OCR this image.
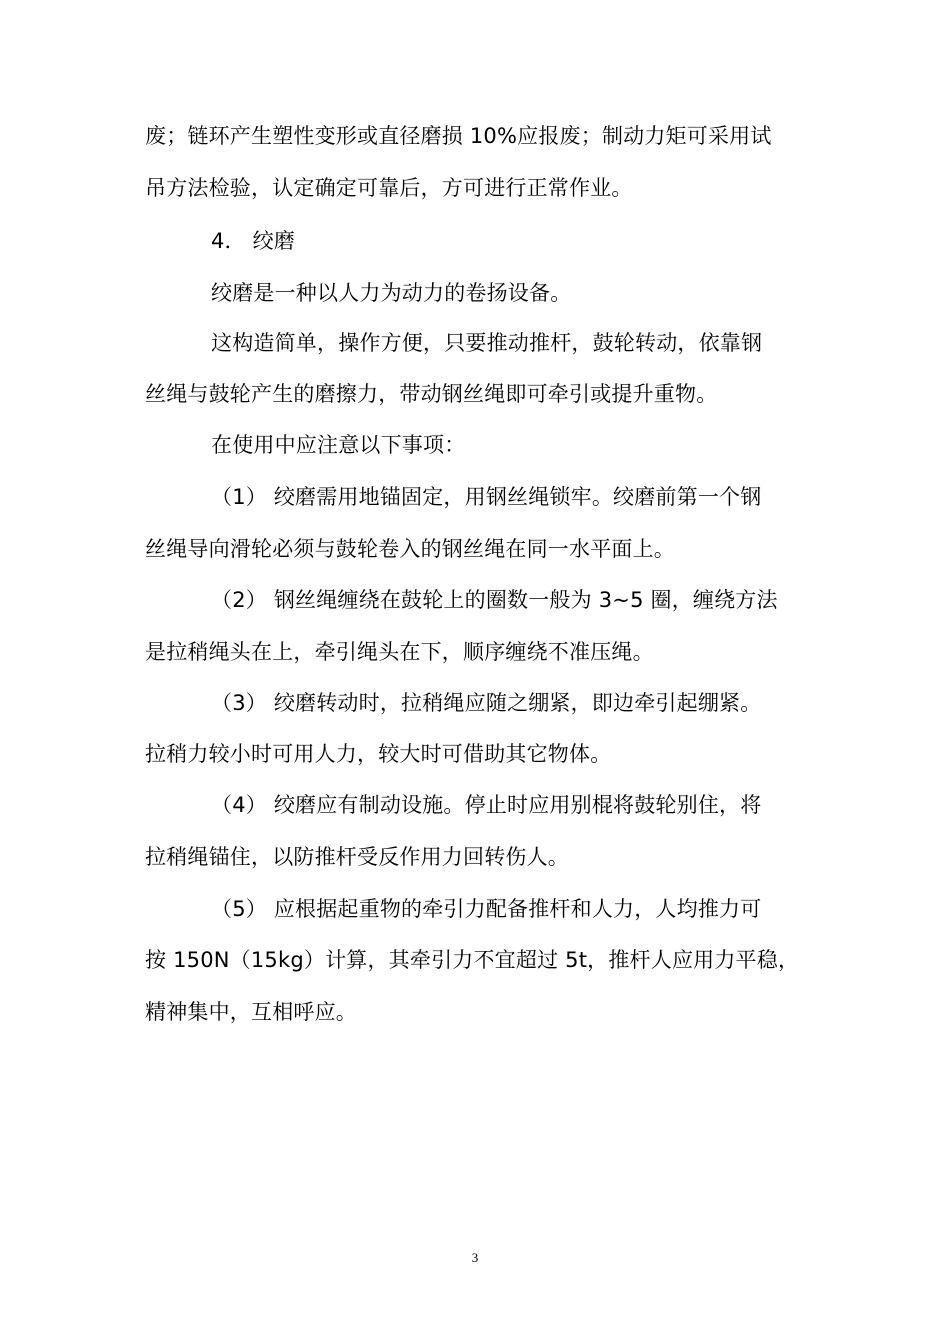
废；链环产生塑性变形或直径磨损 10%应报废；制动力矩可采用试
吊方法检验，认定确定可靠后，方可进行正常作业。
4． 绞磨
绞磨是一种以人力为动力的卷扬设备。
这构造简单，操作方便，只要推动推杆，鼓轮转动，依靠钢
丝绳与鼓轮产生的磨擦力，带动钢丝绳即可牵引或提升重物。
在使用中应注意以下事项：
（1） 绞磨需用地锚固定，用钢丝绳锁牢。绞磨前第一个钢
丝绳导向滑轮必须与鼓轮卷入的钢丝绳在同一水平面上。
（2） 钢丝绳缠绕在鼓轮上的圈数一般为 3~5 圈，缠绕方法
是拉稍绳头在上，牵引绳头在下，顺序缠绕不准压绳。
（3） 绞磨转动时，拉稍绳应随之绷紧，即边牵引起绷紧。
拉稍力较小时可用人力，较大时可借助其它物体。
（4） 绞磨应有制动设施。停止时应用别棍将鼓轮别住，将
拉稍绳锚住，以防推杆受反作用力回转伤人。
（5） 应根据起重物的牵引力配备推杆和人力，人均推力可
按 150N（15kg）计算，其牵引力不宜超过 5t，推杆人应用力平稳，
精神集中，互相呼应。
3
